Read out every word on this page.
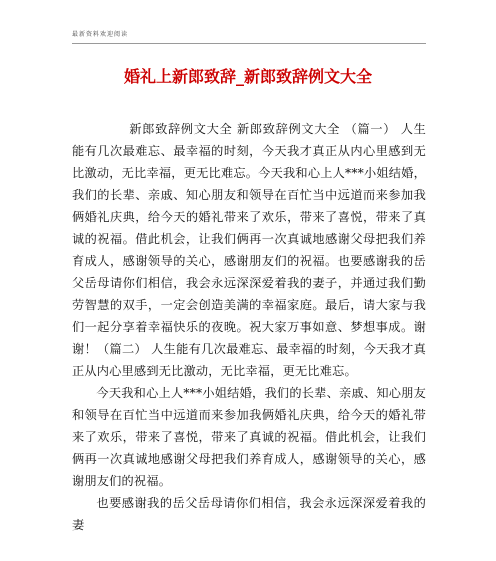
最新资料欢迎阅读
婚礼上新郎致辞_新郎致辞例文大全

新郎致辞例文大全 新郎致辞例文大全 （篇一） 人生能有几次最难忘、最幸福的时刻，今天我才真正从内心里感到无比激动，无比幸福，更无比难忘。今天我和心上人***小姐结婚，我们的长辈、亲戚、知心朋友和领导在百忙当中远道而来参加我俩婚礼庆典，给今天的婚礼带来了欢乐，带来了喜悦，带来了真诚的祝福。借此机会，让我们俩再一次真诚地感谢父母把我们养育成人，感谢领导的关心，感谢朋友们的祝福。也要感谢我的岳父岳母请你们相信，我会永远深深爱着我的妻子，并通过我们勤劳智慧的双手，一定会创造美满的幸福家庭。最后，请大家与我们一起分享着幸福快乐的夜晚。祝大家万事如意、梦想事成。谢谢！（篇二） 人生能有几次最难忘、最幸福的时刻，今天我才真正从内心里感到无比激动，无比幸福，更无比难忘。

今天我和心上人***小姐结婚，我们的长辈、亲戚、知心朋友和领导在百忙当中远道而来参加我俩婚礼庆典，给今天的婚礼带来了欢乐，带来了喜悦，带来了真诚的祝福。借此机会，让我们俩再一次真诚地感谢父母把我们养育成人，感谢领导的关心，感谢朋友们的祝福。

也要感谢我的岳父岳母请你们相信，我会永远深深爱着我的妻
